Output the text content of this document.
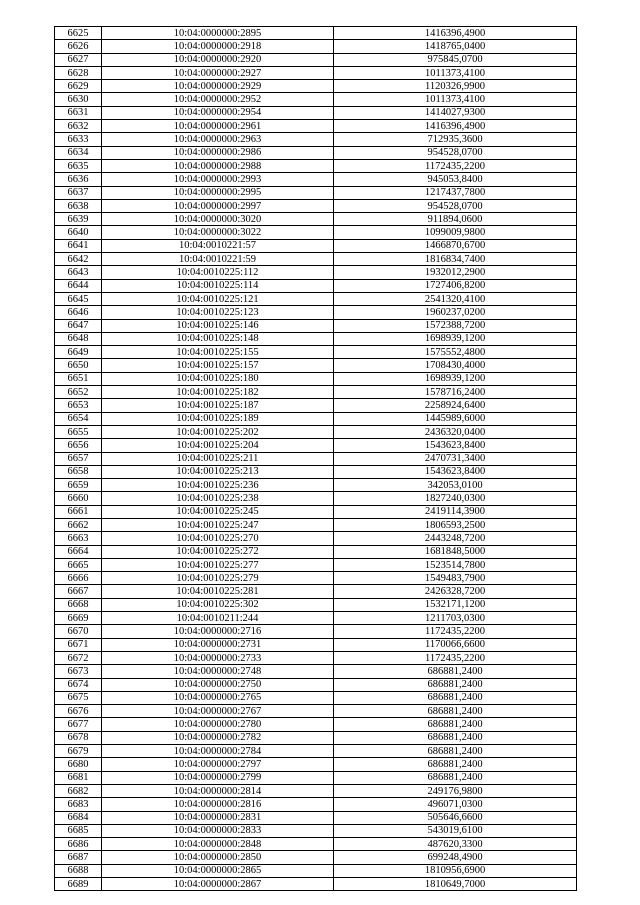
6625	10:04:0000000:2895	1416396,4900
6626	10:04:0000000:2918	1418765,0400
6627	10:04:0000000:2920	975845,0700
6628	10:04:0000000:2927	1011373,4100
6629	10:04:0000000:2929	1120326,9900
6630	10:04:0000000:2952	1011373,4100
6631	10:04:0000000:2954	1414027,9300
6632	10:04:0000000:2961	1416396,4900
6633	10:04:0000000:2963	712935,3600
6634	10:04:0000000:2986	954528,0700
6635	10:04:0000000:2988	1172435,2200
6636	10:04:0000000:2993	945053,8400
6637	10:04:0000000:2995	1217437,7800
6638	10:04:0000000:2997	954528,0700
6639	10:04:0000000:3020	911894,0600
6640	10:04:0000000:3022	1099009,9800
6641	10:04:0010221:57	1466870,6700
6642	10:04:0010221:59	1816834,7400
6643	10:04:0010225:112	1932012,2900
6644	10:04:0010225:114	1727406,8200
6645	10:04:0010225:121	2541320,4100
6646	10:04:0010225:123	1960237,0200
6647	10:04:0010225:146	1572388,7200
6648	10:04:0010225:148	1698939,1200
6649	10:04:0010225:155	1575552,4800
6650	10:04:0010225:157	1708430,4000
6651	10:04:0010225:180	1698939,1200
6652	10:04:0010225:182	1578716,2400
6653	10:04:0010225:187	2258924,6400
6654	10:04:0010225:189	1445989,6000
6655	10:04:0010225:202	2436320,0400
6656	10:04:0010225:204	1543623,8400
6657	10:04:0010225:211	2470731,3400
6658	10:04:0010225:213	1543623,8400
6659	10:04:0010225:236	342053,0100
6660	10:04:0010225:238	1827240,0300
6661	10:04:0010225:245	2419114,3900
6662	10:04:0010225:247	1806593,2500
6663	10:04:0010225:270	2443248,7200
6664	10:04:0010225:272	1681848,5000
6665	10:04:0010225:277	1523514,7800
6666	10:04:0010225:279	1549483,7900
6667	10:04:0010225:281	2426328,7200
6668	10:04:0010225:302	1532171,1200
6669	10:04:0010211:244	1211703,0300
6670	10:04:0000000:2716	1172435,2200
6671	10:04:0000000:2731	1170066,6600
6672	10:04:0000000:2733	1172435,2200
6673	10:04:0000000:2748	686881,2400
6674	10:04:0000000:2750	686881,2400
6675	10:04:0000000:2765	686881,2400
6676	10:04:0000000:2767	686881,2400
6677	10:04:0000000:2780	686881,2400
6678	10:04:0000000:2782	686881,2400
6679	10:04:0000000:2784	686881,2400
6680	10:04:0000000:2797	686881,2400
6681	10:04:0000000:2799	686881,2400
6682	10:04:0000000:2814	249176,9800
6683	10:04:0000000:2816	496071,0300
6684	10:04:0000000:2831	505646,6600
6685	10:04:0000000:2833	543019,6100
6686	10:04:0000000:2848	487620,3300
6687	10:04:0000000:2850	699248,4900
6688	10:04:0000000:2865	1810956,6900
6689	10:04:0000000:2867	1810649,7000
